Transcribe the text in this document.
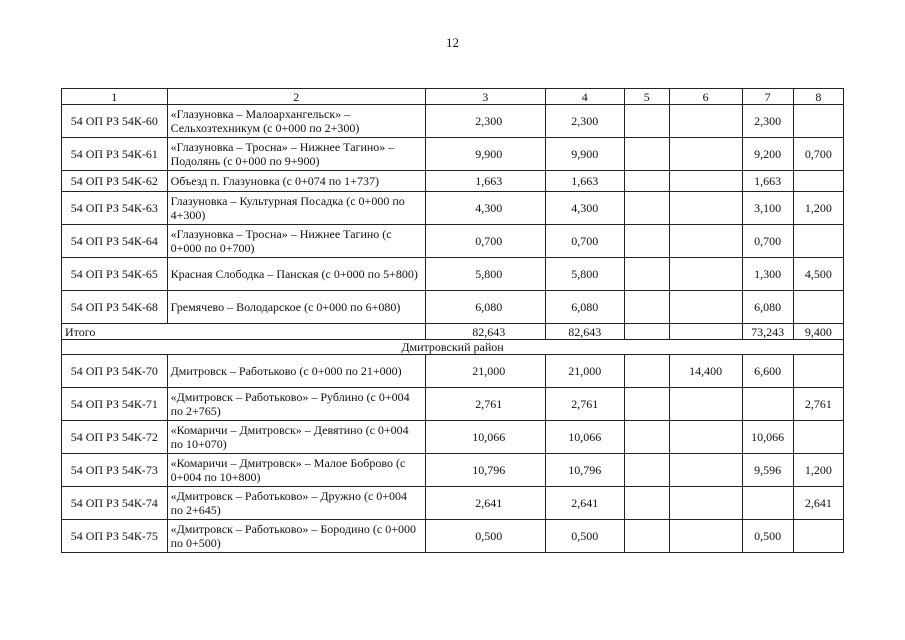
12
1	2	3	4	5	6	7	8
54 ОП РЗ 54К-60	«Глазуновка – Малоархангельск» – Сельхозтехникум (с 0+000 по 2+300)	2,300	2,300			2,300	
54 ОП РЗ 54К-61	«Глазуновка – Тросна» – Нижнее Тагино» – Подолянь (с 0+000 по 9+900)	9,900	9,900			9,200	0,700
54 ОП РЗ 54К-62	Объезд п. Глазуновка (с 0+074 по 1+737)	1,663	1,663			1,663	
54 ОП РЗ 54К-63	Глазуновка – Культурная Посадка (с 0+000 по 4+300)	4,300	4,300			3,100	1,200
54 ОП РЗ 54К-64	«Глазуновка – Тросна» – Нижнее Тагино (с 0+000 по 0+700)	0,700	0,700			0,700	
54 ОП РЗ 54К-65	Красная Слободка – Панская (с 0+000 по 5+800)	5,800	5,800			1,300	4,500
54 ОП РЗ 54К-68	Гремячево – Володарское (с 0+000 по 6+080)	6,080	6,080			6,080	
Итого		82,643	82,643			73,243	9,400
Дмитровский район							
54 ОП РЗ 54К-70	Дмитровск – Работьково (с 0+000 по 21+000)	21,000	21,000		14,400	6,600	
54 ОП РЗ 54К-71	«Дмитровск – Работьково» – Рублино (с 0+004 по 2+765)	2,761	2,761				2,761
54 ОП РЗ 54К-72	«Комаричи – Дмитровск» – Девятино (с 0+004 по 10+070)	10,066	10,066			10,066	
54 ОП РЗ 54К-73	«Комаричи – Дмитровск» – Малое Боброво (с 0+004 по 10+800)	10,796	10,796			9,596	1,200
54 ОП РЗ 54К-74	«Дмитровск – Работьково» – Дружно (с 0+004 по 2+645)	2,641	2,641				2,641
54 ОП РЗ 54К-75	«Дмитровск – Работьково» – Бородино (с 0+000 по 0+500)	0,500	0,500			0,500	
